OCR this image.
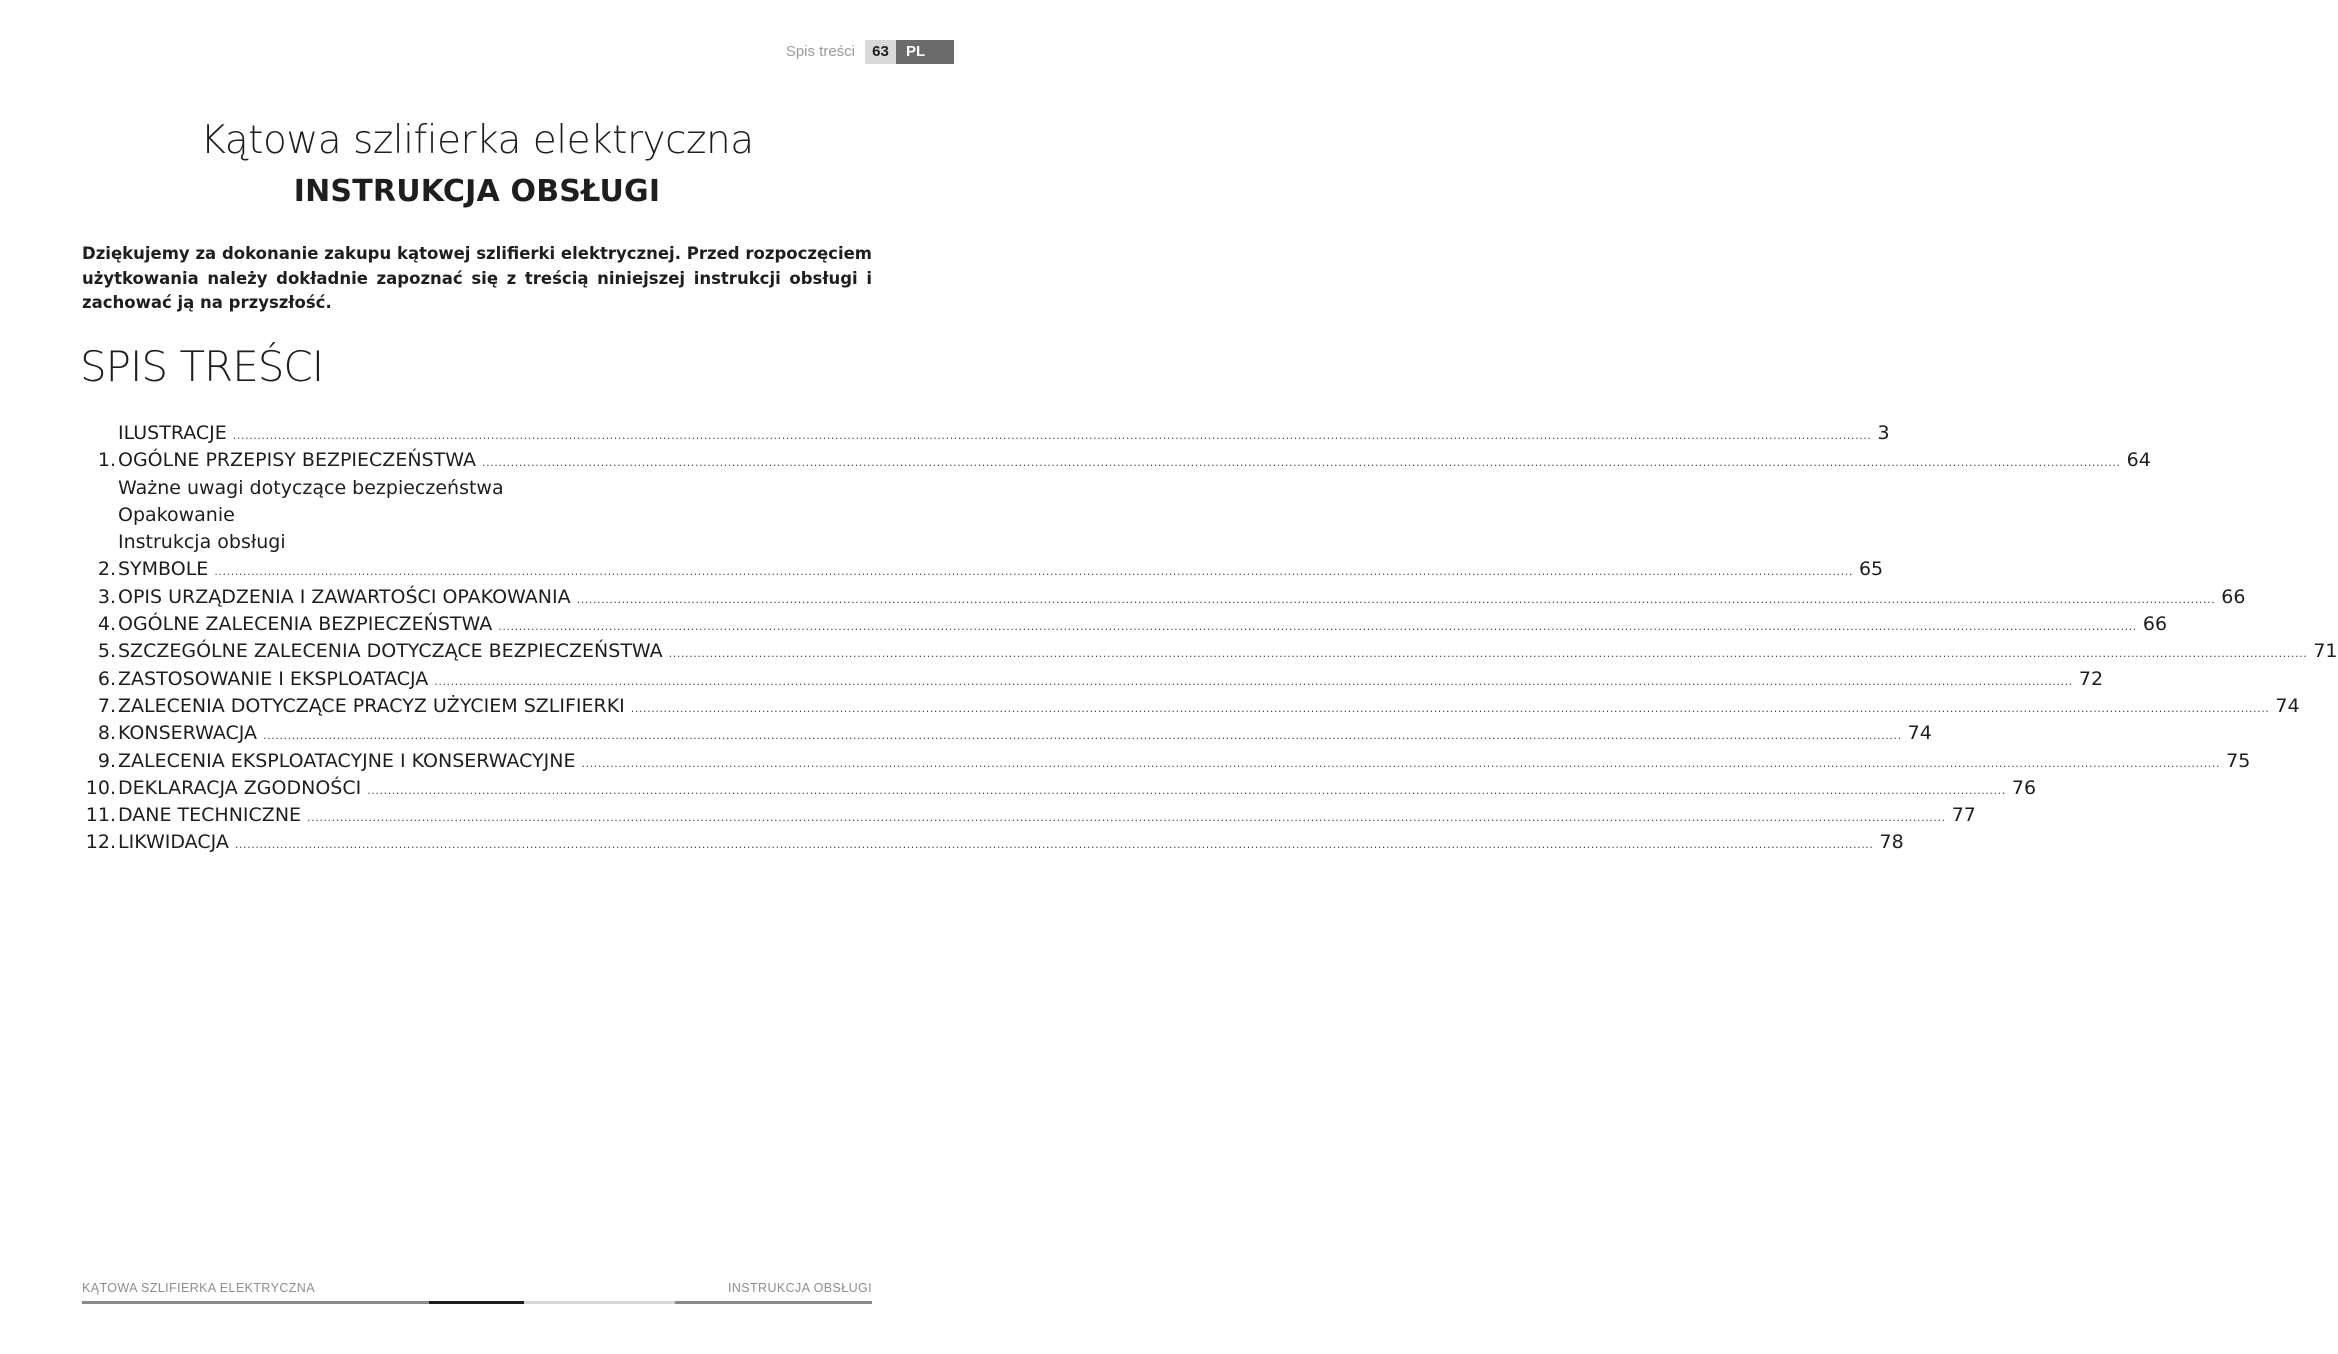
Spis treści	63	PL
Kątowa szlifierka elektryczna
INSTRUKCJA OBSŁUGI

Dziękujemy za dokonanie zakupu kątowej szlifierki elektrycznej. Przed rozpoczęciem użytkowania należy dokładnie zapoznać się z treścią niniejszej instrukcji obsługi i zachować ją na przyszłość.

SPIS TREŚCI
ILUSTRACJE ................................................................................................................................................................................................................................................................................................................................................................................................................ 3
1. OGÓLNE PRZEPISY BEZPIECZEŃSTWA ................................................................................................................................................................................................................................................................................................................................................................................................................ 64
Ważne uwagi dotyczące bezpieczeństwa
Opakowanie
Instrukcja obsługi
2. SYMBOLE ................................................................................................................................................................................................................................................................................................................................................................................................................ 65
3. OPIS URZĄDZENIA I ZAWARTOŚCI OPAKOWANIA ................................................................................................................................................................................................................................................................................................................................................................................................................ 66
4. OGÓLNE ZALECENIA BEZPIECZEŃSTWA ................................................................................................................................................................................................................................................................................................................................................................................................................ 66
5. SZCZEGÓLNE ZALECENIA DOTYCZĄCE BEZPIECZEŃSTWA ................................................................................................................................................................................................................................................................................................................................................................................................................ 71
6. ZASTOSOWANIE I EKSPLOATACJA ................................................................................................................................................................................................................................................................................................................................................................................................................ 72
7. ZALECENIA DOTYCZĄCE PRACYZ UŻYCIEM SZLIFIERKI ................................................................................................................................................................................................................................................................................................................................................................................................................ 74
8. KONSERWACJA ................................................................................................................................................................................................................................................................................................................................................................................................................ 74
9. ZALECENIA EKSPLOATACYJNE I KONSERWACYJNE ................................................................................................................................................................................................................................................................................................................................................................................................................ 75
10. DEKLARACJA ZGODNOŚCI ................................................................................................................................................................................................................................................................................................................................................................................................................ 76
11. DANE TECHNICZNE ................................................................................................................................................................................................................................................................................................................................................................................................................ 77
12. LIKWIDACJA ................................................................................................................................................................................................................................................................................................................................................................................................................ 78
KĄTOWA SZLIFIERKA ELEKTRYCZNA	INSTRUKCJA OBSŁUGI
